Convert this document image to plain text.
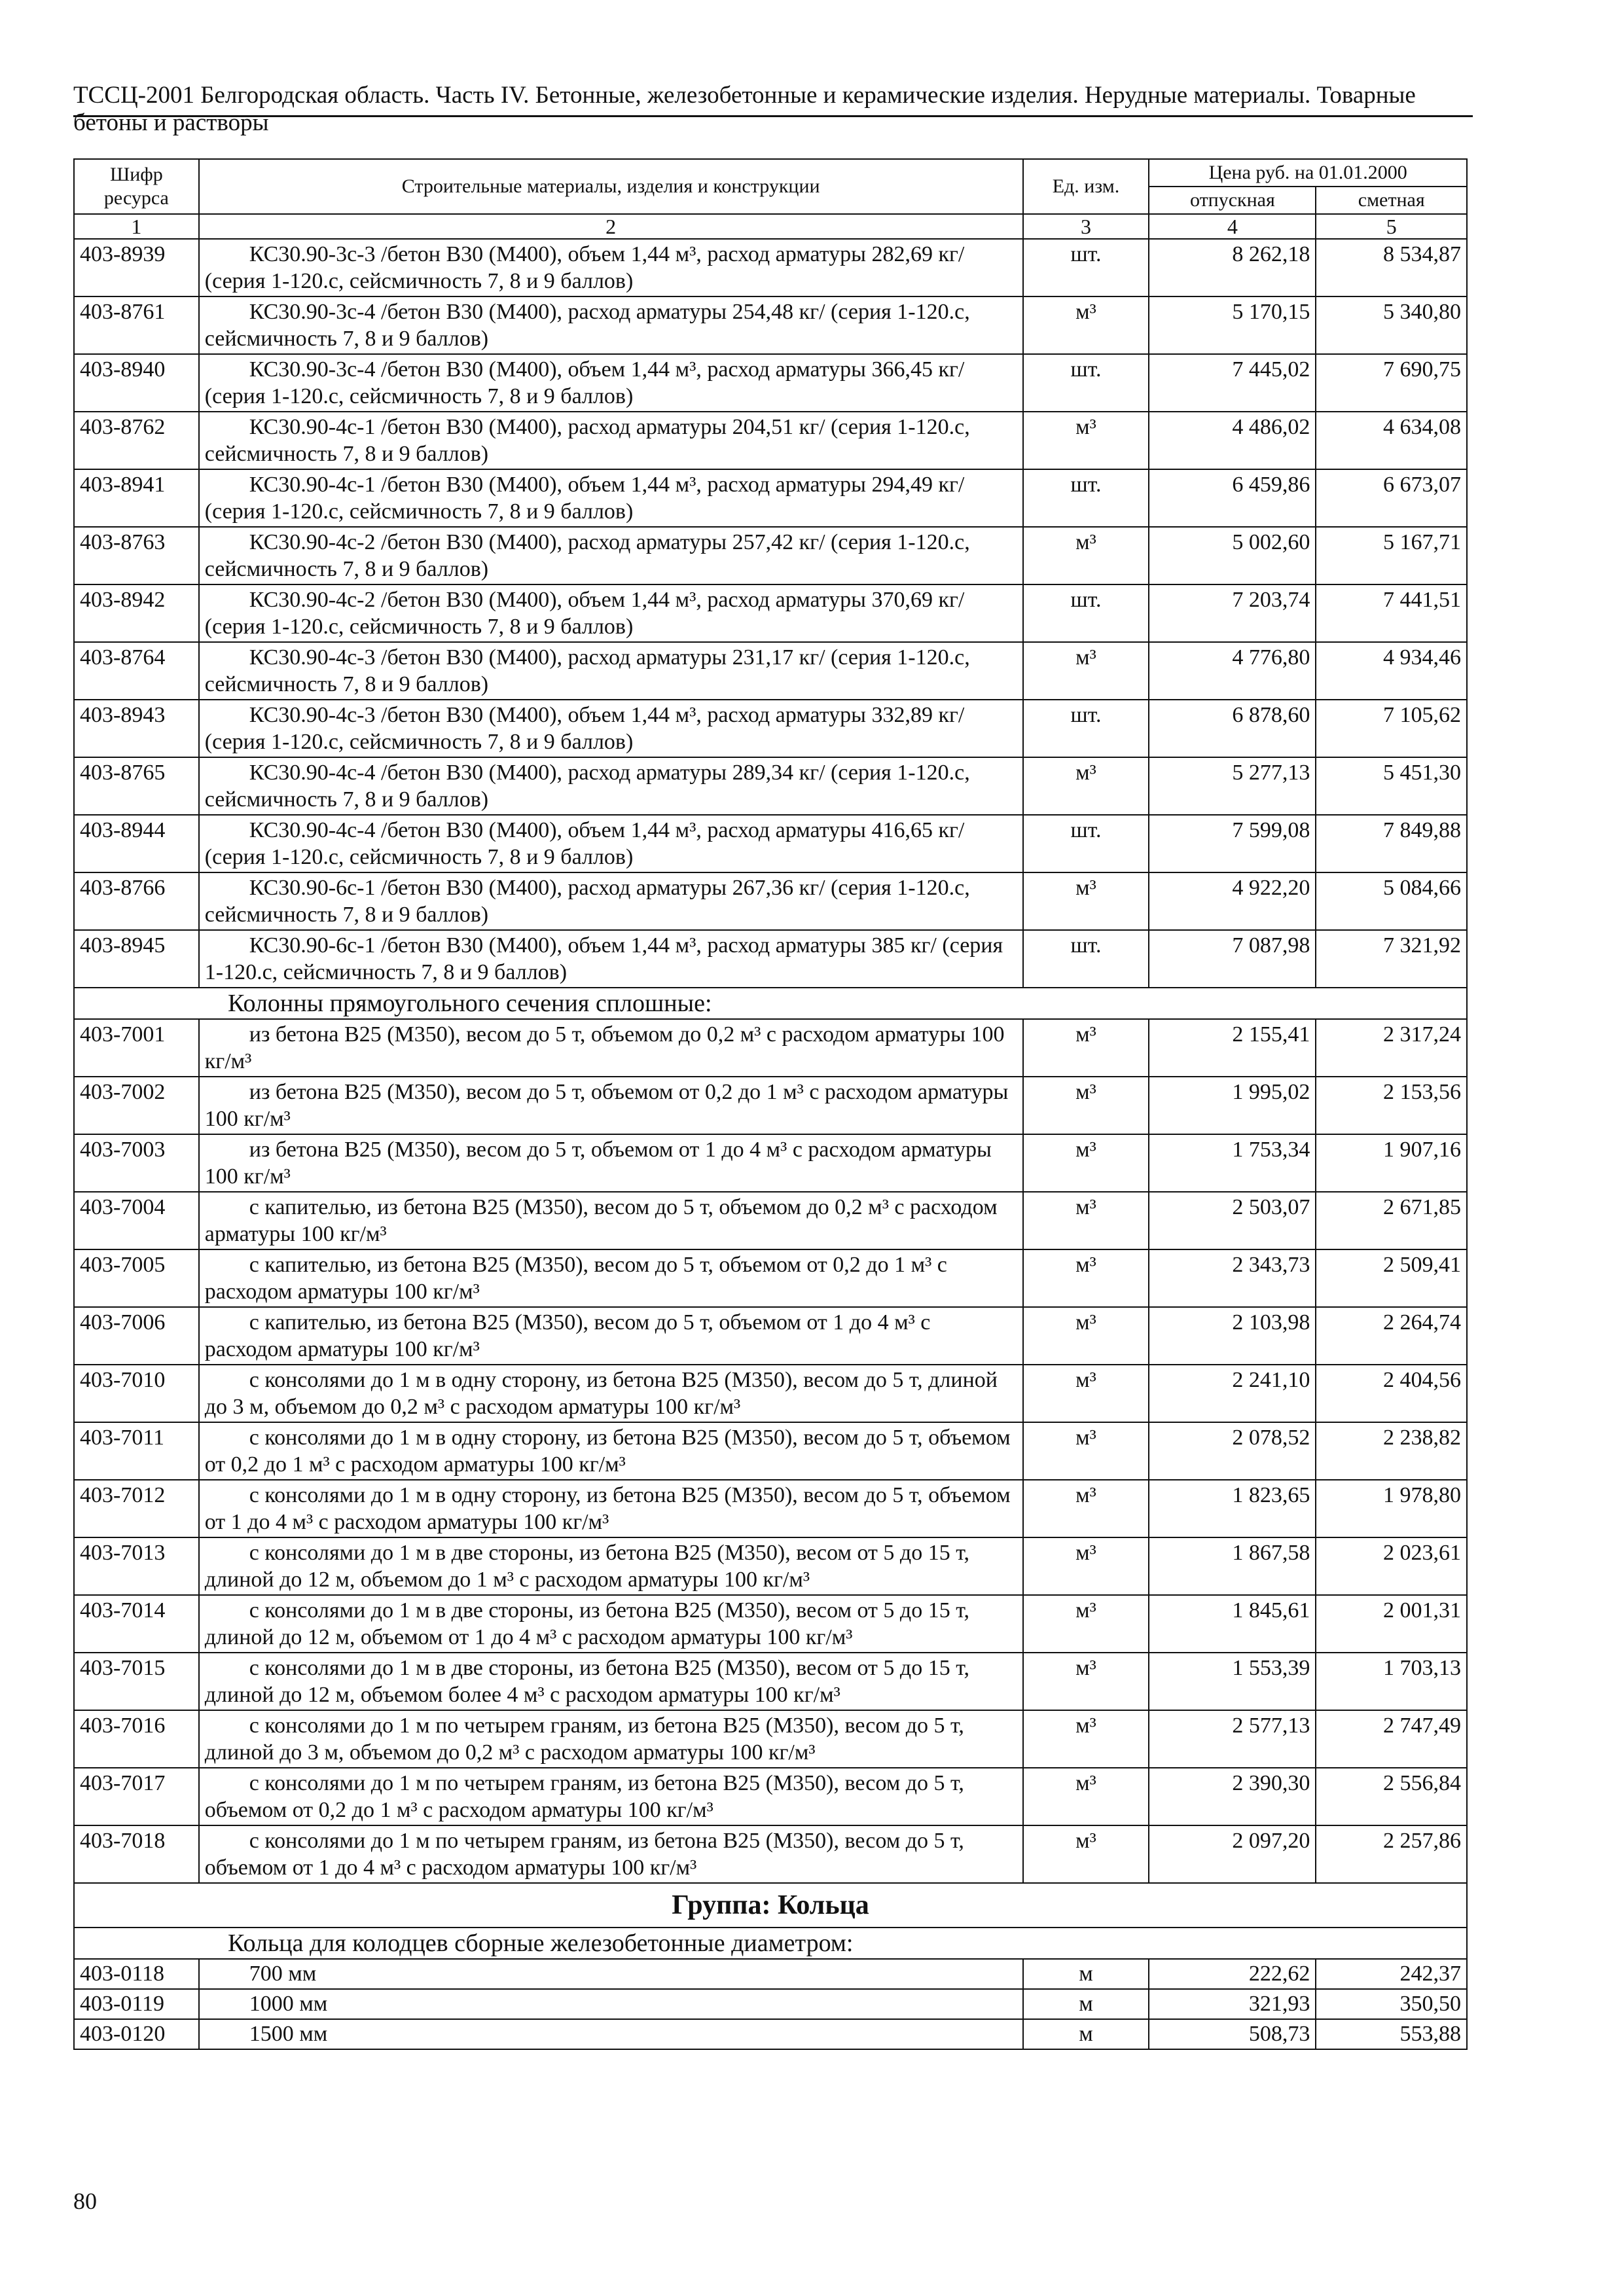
ТССЦ-2001 Белгородская область. Часть IV. Бетонные, железобетонные и керамические изделия. Нерудные материалы. Товарные бетоны и растворы
Шифр ресурса	Строительные материалы, изделия и конструкции	Ед. изм.	Цена руб. на 01.01.2000	
			отпускная	сметная
1	2	3	4	5
403-8939	КС30.90-3с-3 /бетон В30 (М400), объем 1,44 м³, расход арматуры 282,69 кг/ (серия 1-120.с, сейсмичность 7, 8 и 9 баллов)	шт.	8 262,18	8 534,87
403-8761	КС30.90-3с-4 /бетон В30 (М400), расход арматуры 254,48 кг/ (серия 1-120.с, сейсмичность 7, 8 и 9 баллов)	м³	5 170,15	5 340,80
403-8940	КС30.90-3с-4 /бетон В30 (М400), объем 1,44 м³, расход арматуры 366,45 кг/ (серия 1-120.с, сейсмичность 7, 8 и 9 баллов)	шт.	7 445,02	7 690,75
403-8762	КС30.90-4с-1 /бетон В30 (М400), расход арматуры 204,51 кг/ (серия 1-120.с, сейсмичность 7, 8 и 9 баллов)	м³	4 486,02	4 634,08
403-8941	КС30.90-4с-1 /бетон В30 (М400), объем 1,44 м³, расход арматуры 294,49 кг/ (серия 1-120.с, сейсмичность 7, 8 и 9 баллов)	шт.	6 459,86	6 673,07
403-8763	КС30.90-4с-2 /бетон В30 (М400), расход арматуры 257,42 кг/ (серия 1-120.с, сейсмичность 7, 8 и 9 баллов)	м³	5 002,60	5 167,71
403-8942	КС30.90-4с-2 /бетон В30 (М400), объем 1,44 м³, расход арматуры 370,69 кг/ (серия 1-120.с, сейсмичность 7, 8 и 9 баллов)	шт.	7 203,74	7 441,51
403-8764	КС30.90-4с-3 /бетон В30 (М400), расход арматуры 231,17 кг/ (серия 1-120.с, сейсмичность 7, 8 и 9 баллов)	м³	4 776,80	4 934,46
403-8943	КС30.90-4с-3 /бетон В30 (М400), объем 1,44 м³, расход арматуры 332,89 кг/ (серия 1-120.с, сейсмичность 7, 8 и 9 баллов)	шт.	6 878,60	7 105,62
403-8765	КС30.90-4с-4 /бетон В30 (М400), расход арматуры 289,34 кг/ (серия 1-120.с, сейсмичность 7, 8 и 9 баллов)	м³	5 277,13	5 451,30
403-8944	КС30.90-4с-4 /бетон В30 (М400), объем 1,44 м³, расход арматуры 416,65 кг/ (серия 1-120.с, сейсмичность 7, 8 и 9 баллов)	шт.	7 599,08	7 849,88
403-8766	КС30.90-6с-1 /бетон В30 (М400), расход арматуры 267,36 кг/ (серия 1-120.с, сейсмичность 7, 8 и 9 баллов)	м³	4 922,20	5 084,66
403-8945	КС30.90-6с-1 /бетон В30 (М400), объем 1,44 м³, расход арматуры 385 кг/ (серия 1-120.с, сейсмичность 7, 8 и 9 баллов)	шт.	7 087,98	7 321,92
Колонны прямоугольного сечения сплошные:				
403-7001	из бетона В25 (М350), весом до 5 т, объемом до 0,2 м³ с расходом арматуры 100 кг/м³	м³	2 155,41	2 317,24
403-7002	из бетона В25 (М350), весом до 5 т, объемом от 0,2 до 1 м³ с расходом арматуры 100 кг/м³	м³	1 995,02	2 153,56
403-7003	из бетона В25 (М350), весом до 5 т, объемом от 1 до 4 м³ с расходом арматуры 100 кг/м³	м³	1 753,34	1 907,16
403-7004	с капителью, из бетона В25 (М350), весом до 5 т, объемом до 0,2 м³ с расходом арматуры 100 кг/м³	м³	2 503,07	2 671,85
403-7005	с капителью, из бетона В25 (М350), весом до 5 т, объемом от 0,2 до 1 м³ с расходом арматуры 100 кг/м³	м³	2 343,73	2 509,41
403-7006	с капителью, из бетона В25 (М350), весом до 5 т, объемом от 1 до 4 м³ с расходом арматуры 100 кг/м³	м³	2 103,98	2 264,74
403-7010	с консолями до 1 м в одну сторону, из бетона В25 (М350), весом до 5 т, длиной до 3 м, объемом до 0,2 м³ с расходом арматуры 100 кг/м³	м³	2 241,10	2 404,56
403-7011	с консолями до 1 м в одну сторону, из бетона В25 (М350), весом до 5 т, объемом от 0,2 до 1 м³ с расходом арматуры 100 кг/м³	м³	2 078,52	2 238,82
403-7012	с консолями до 1 м в одну сторону, из бетона В25 (М350), весом до 5 т, объемом от 1 до 4 м³ с расходом арматуры 100 кг/м³	м³	1 823,65	1 978,80
403-7013	с консолями до 1 м в две стороны, из бетона В25 (М350), весом от 5 до 15 т, длиной до 12 м, объемом до 1 м³ с расходом арматуры 100 кг/м³	м³	1 867,58	2 023,61
403-7014	с консолями до 1 м в две стороны, из бетона В25 (М350), весом от 5 до 15 т, длиной до 12 м, объемом от 1 до 4 м³ с расходом арматуры 100 кг/м³	м³	1 845,61	2 001,31
403-7015	с консолями до 1 м в две стороны, из бетона В25 (М350), весом от 5 до 15 т, длиной до 12 м, объемом более 4 м³ с расходом арматуры 100 кг/м³	м³	1 553,39	1 703,13
403-7016	с консолями до 1 м по четырем граням, из бетона В25 (М350), весом до 5 т, длиной до 3 м, объемом до 0,2 м³ с расходом арматуры 100 кг/м³	м³	2 577,13	2 747,49
403-7017	с консолями до 1 м по четырем граням, из бетона В25 (М350), весом до 5 т, объемом от 0,2 до 1 м³ с расходом арматуры 100 кг/м³	м³	2 390,30	2 556,84
403-7018	с консолями до 1 м по четырем граням, из бетона В25 (М350), весом до 5 т, объемом от 1 до 4 м³ с расходом арматуры 100 кг/м³	м³	2 097,20	2 257,86
Группа: Кольца				
Кольца для колодцев сборные железобетонные диаметром:				
403-0118	700 мм	м	222,62	242,37
403-0119	1000 мм	м	321,93	350,50
403-0120	1500 мм	м	508,73	553,88
80
